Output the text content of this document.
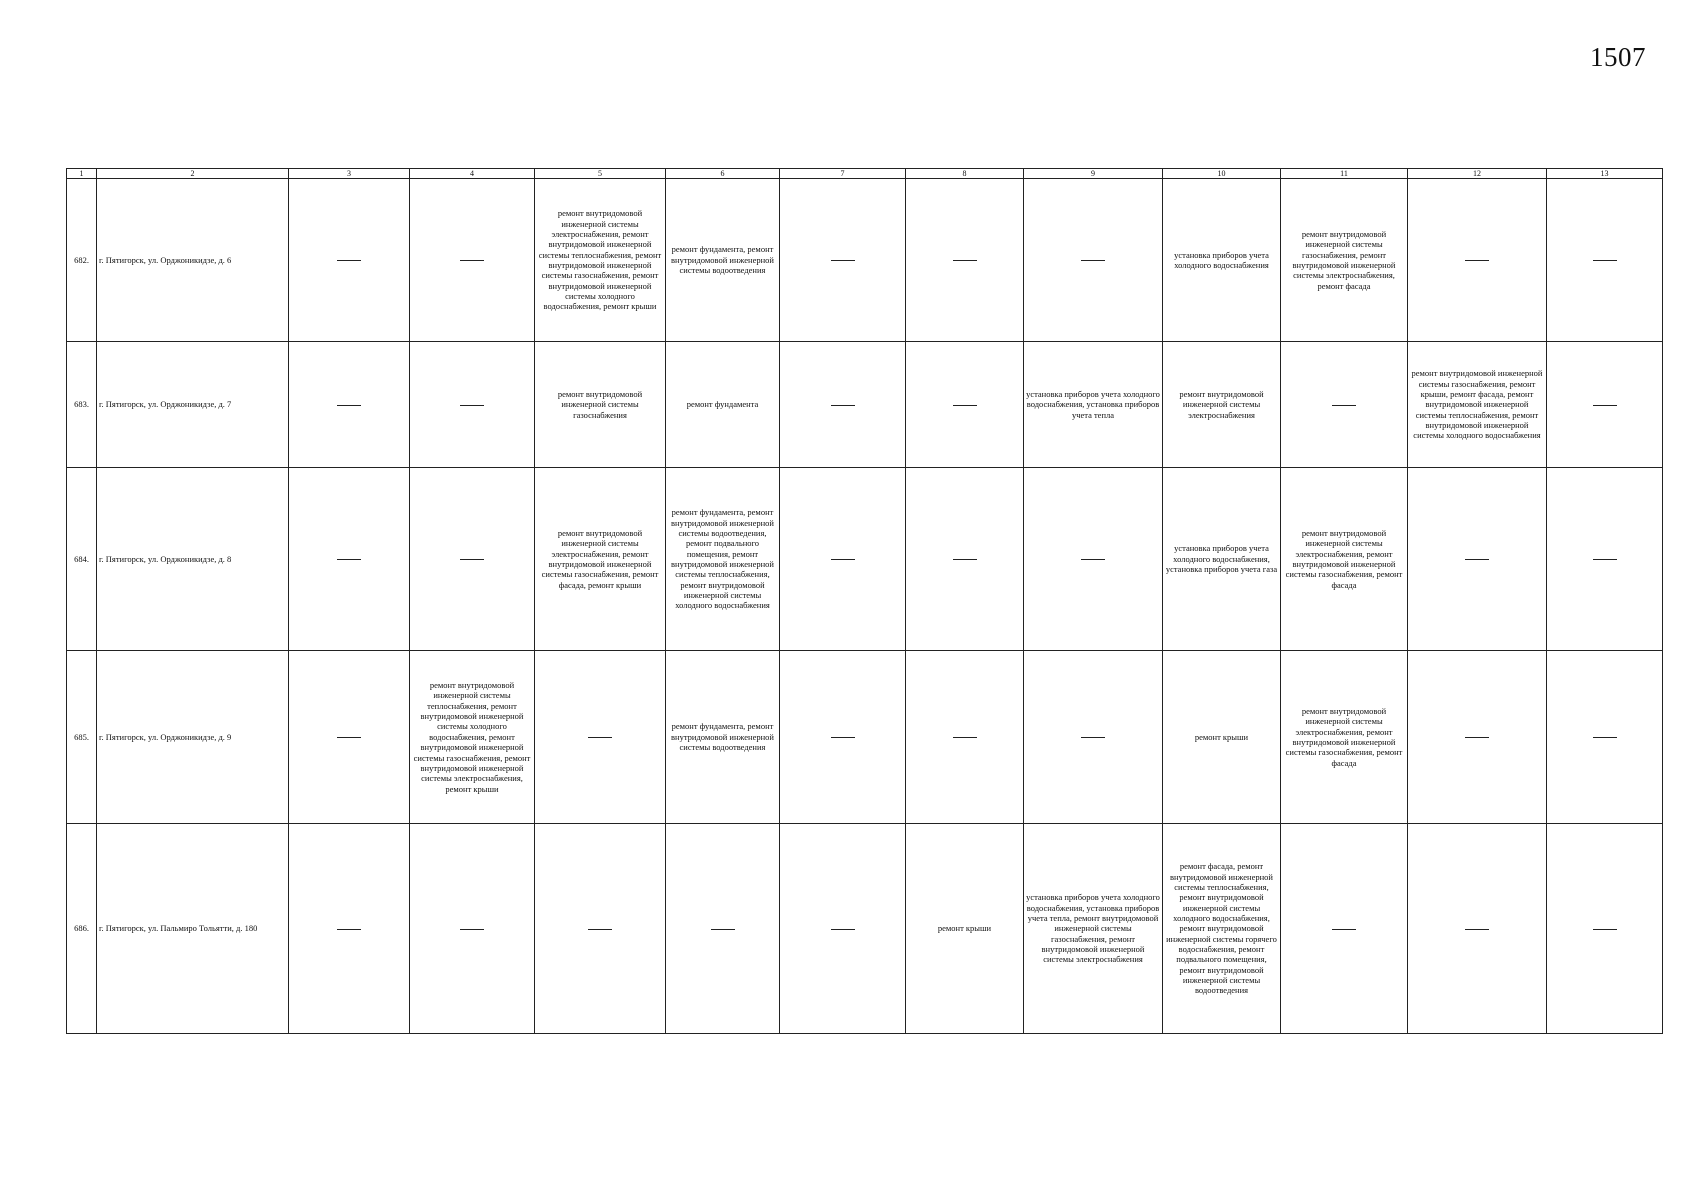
1507
1	2	3	4	5	6	7	8	9	10	11	12	13
682.	г. Пятигорск, ул. Орджоникидзе, д. 6			ремонт внутридомовой инженерной системы электроснабжения, ремонт внутридомовой инженерной системы теплоснабжения, ремонт внутридомовой инженерной системы газоснабжения, ремонт внутридомовой инженерной системы холодного водоснабжения, ремонт крыши	ремонт фундамента, ремонт внутридомовой инженерной системы водоотведения				установка приборов учета холодного водоснабжения	ремонт внутридомовой инженерной системы газоснабжения, ремонт внутридомовой инженерной системы электроснабжения, ремонт фасада		
683.	г. Пятигорск, ул. Орджоникидзе, д. 7			ремонт внутридомовой инженерной системы газоснабжения	ремонт фундамента			установка приборов учета холодного водоснабжения, установка приборов учета тепла	ремонт внутридомовой инженерной системы электроснабжения		ремонт внутридомовой инженерной системы газоснабжения, ремонт крыши, ремонт фасада, ремонт внутридомовой инженерной системы теплоснабжения, ремонт внутридомовой инженерной системы холодного водоснабжения	
684.	г. Пятигорск, ул. Орджоникидзе, д. 8			ремонт внутридомовой инженерной системы электроснабжения, ремонт внутридомовой инженерной системы газоснабжения, ремонт фасада, ремонт крыши	ремонт фундамента, ремонт внутридомовой инженерной системы водоотведения, ремонт подвального помещения, ремонт внутридомовой инженерной системы теплоснабжения, ремонт внутридомовой инженерной системы холодного водоснабжения				установка приборов учета холодного водоснабжения, установка приборов учета газа	ремонт внутридомовой инженерной системы электроснабжения, ремонт внутридомовой инженерной системы газоснабжения, ремонт фасада		
685.	г. Пятигорск, ул. Орджоникидзе, д. 9		ремонт внутридомовой инженерной системы теплоснабжения, ремонт внутридомовой инженерной системы холодного водоснабжения, ремонт внутридомовой инженерной системы газоснабжения, ремонт внутридомовой инженерной системы электроснабжения, ремонт крыши		ремонт фундамента, ремонт внутридомовой инженерной системы водоотведения				ремонт крыши	ремонт внутридомовой инженерной системы электроснабжения, ремонт внутридомовой инженерной системы газоснабжения, ремонт фасада		
686.	г. Пятигорск, ул. Пальмиро Тольятти, д. 180						ремонт крыши	установка приборов учета холодного водоснабжения, установка приборов учета тепла, ремонт внутридомовой инженерной системы газоснабжения, ремонт внутридомовой инженерной системы электроснабжения	ремонт фасада, ремонт внутридомовой инженерной системы теплоснабжения, ремонт внутридомовой инженерной системы холодного водоснабжения, ремонт внутридомовой инженерной системы горячего водоснабжения, ремонт подвального помещения, ремонт внутридомовой инженерной системы водоотведения			
